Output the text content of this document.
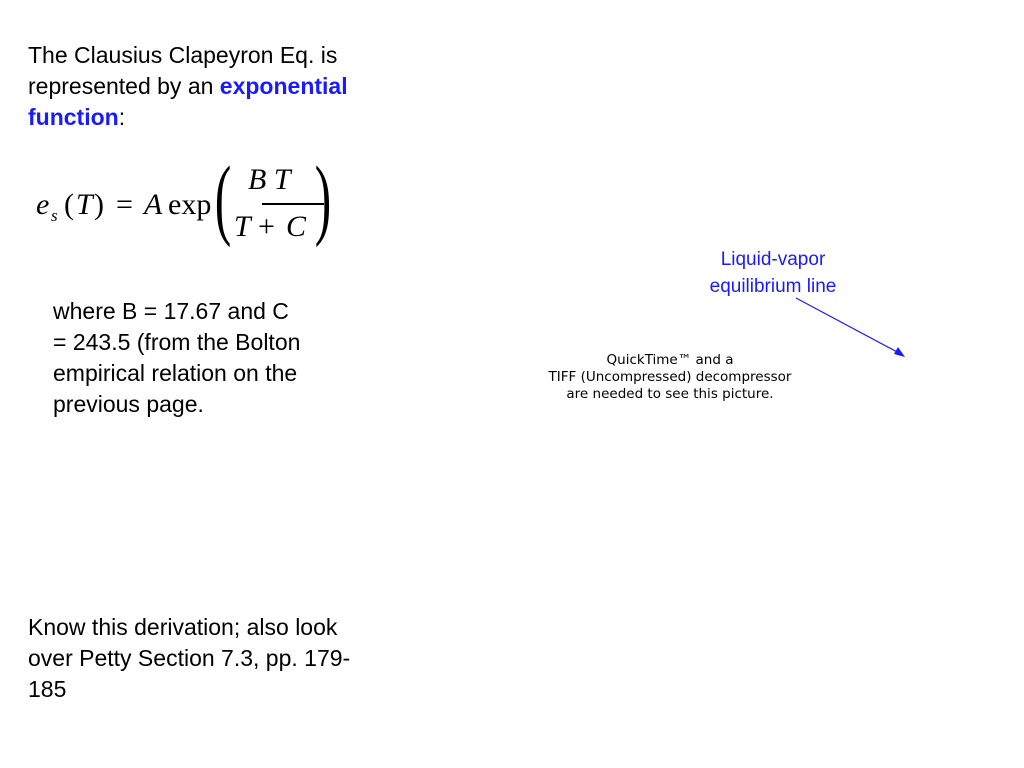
The Clausius Clapeyron Eq. is represented by an exponential function:
e $_s$ ( T ) = A exp ( B T
T + C )
where B = 17.67 and C = 243.5 (from the Bolton empirical relation on the previous page.
Liquid-vapor
equilibrium line
QuickTime™ and a
TIFF (Uncompressed) decompressor
are needed to see this picture.
Know this derivation; also look over Petty Section 7.3, pp. 179-185
